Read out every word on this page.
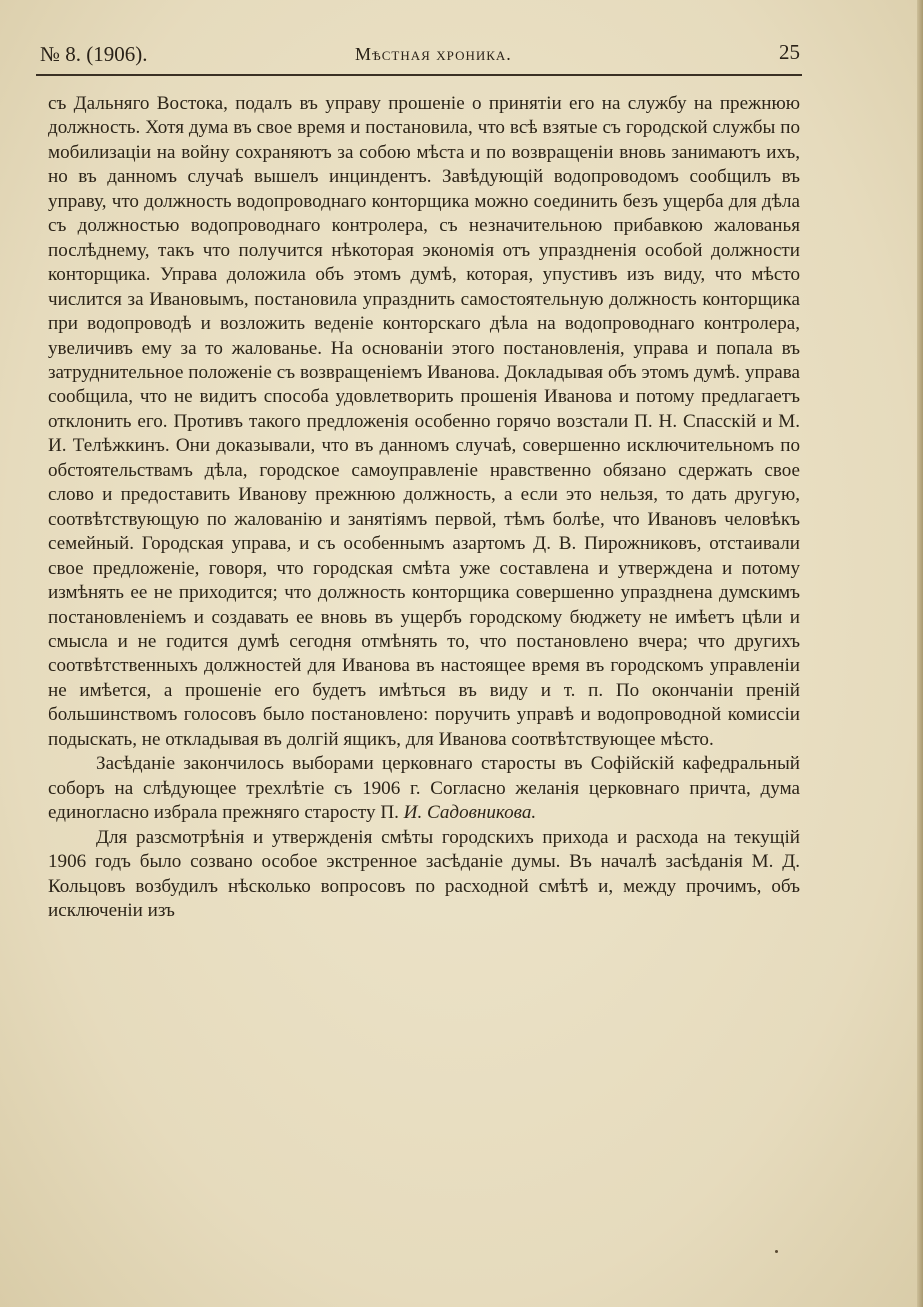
№ 8. (1906).	Мѣстная хроника.	25

съ Дальняго Востока, подалъ въ управу прошеніе о принятіи его на службу на прежнюю должность. Хотя дума въ свое время и постановила, что всѣ взятые съ городской службы по мобилизаціи на войну сохраняютъ за собою мѣста и по возвращеніи вновь занимаютъ ихъ, но въ данномъ случаѣ вышелъ инциндентъ. Завѣдующій водопроводомъ сообщилъ въ управу, что должность водопроводнаго конторщика можно соединить безъ ущерба для дѣла съ должностью водопроводнаго контролера, съ незначительною прибавкою жалованья послѣднему, такъ что получится нѣкоторая экономія отъ упраздненія особой должности конторщика. Управа доложила объ этомъ думѣ, которая, упустивъ изъ виду, что мѣсто числится за Ивановымъ, постановила упразднить самостоятельную должность конторщика при водопроводѣ и возложить веденіе конторскаго дѣла на водопроводнаго контролера, увеличивъ ему за то жалованье. На основаніи этого постановленія, управа и попала въ затруднительное положеніе съ возвращеніемъ Иванова. Докладывая объ этомъ думѣ. управа сообщила, что не видитъ способа удовлетворить прошенія Иванова и потому предлагаетъ отклонить его. Противъ такого предложенія особенно горячо возстали П. Н. Спасскій и М. И. Телѣжкинъ. Они доказывали, что въ данномъ случаѣ, совершенно исключительномъ по обстоятельствамъ дѣла, городское самоуправленіе нравственно обязано сдержать свое слово и предоставить Иванову прежнюю должность, а если это нельзя, то дать другую, соотвѣтствующую по жалованію и занятіямъ первой, тѣмъ болѣе, что Ивановъ человѣкъ семейный. Городская управа, и съ особеннымъ азартомъ Д. В. Пирожниковъ, отстаивали свое предложеніе, говоря, что городская смѣта уже составлена и утверждена и потому измѣнять ее не приходится; что должность конторщика совершенно упразднена думскимъ постановленіемъ и создавать ее вновь въ ущербъ городскому бюджету не имѣетъ цѣли и смысла и не годится думѣ сегодня отмѣнять то, что постановлено вчера; что другихъ соотвѣтственныхъ должностей для Иванова въ настоящее время въ городскомъ управленіи не имѣется, а прошеніе его будетъ имѣться въ виду и т. п. По окончаніи преній большинствомъ голосовъ было постановлено: поручить управѣ и водопроводной комиссіи подыскать, не откладывая въ долгій ящикъ, для Иванова соотвѣтствующее мѣсто.

Засѣданіе закончилось выборами церковнаго старосты въ Софійскій кафедральный соборъ на слѣдующее трехлѣтіе съ 1906 г. Согласно желанія церковнаго причта, дума единогласно избрала прежняго старосту П. И. Садовникова.

Для разсмотрѣнія и утвержденія смѣты городскихъ прихода и расхода на текущій 1906 годъ было созвано особое экстренное засѣданіе думы. Въ началѣ засѣданія М. Д. Кольцовъ возбудилъ нѣсколько вопросовъ по расходной смѣтѣ и, между прочимъ, объ исключеніи изъ
